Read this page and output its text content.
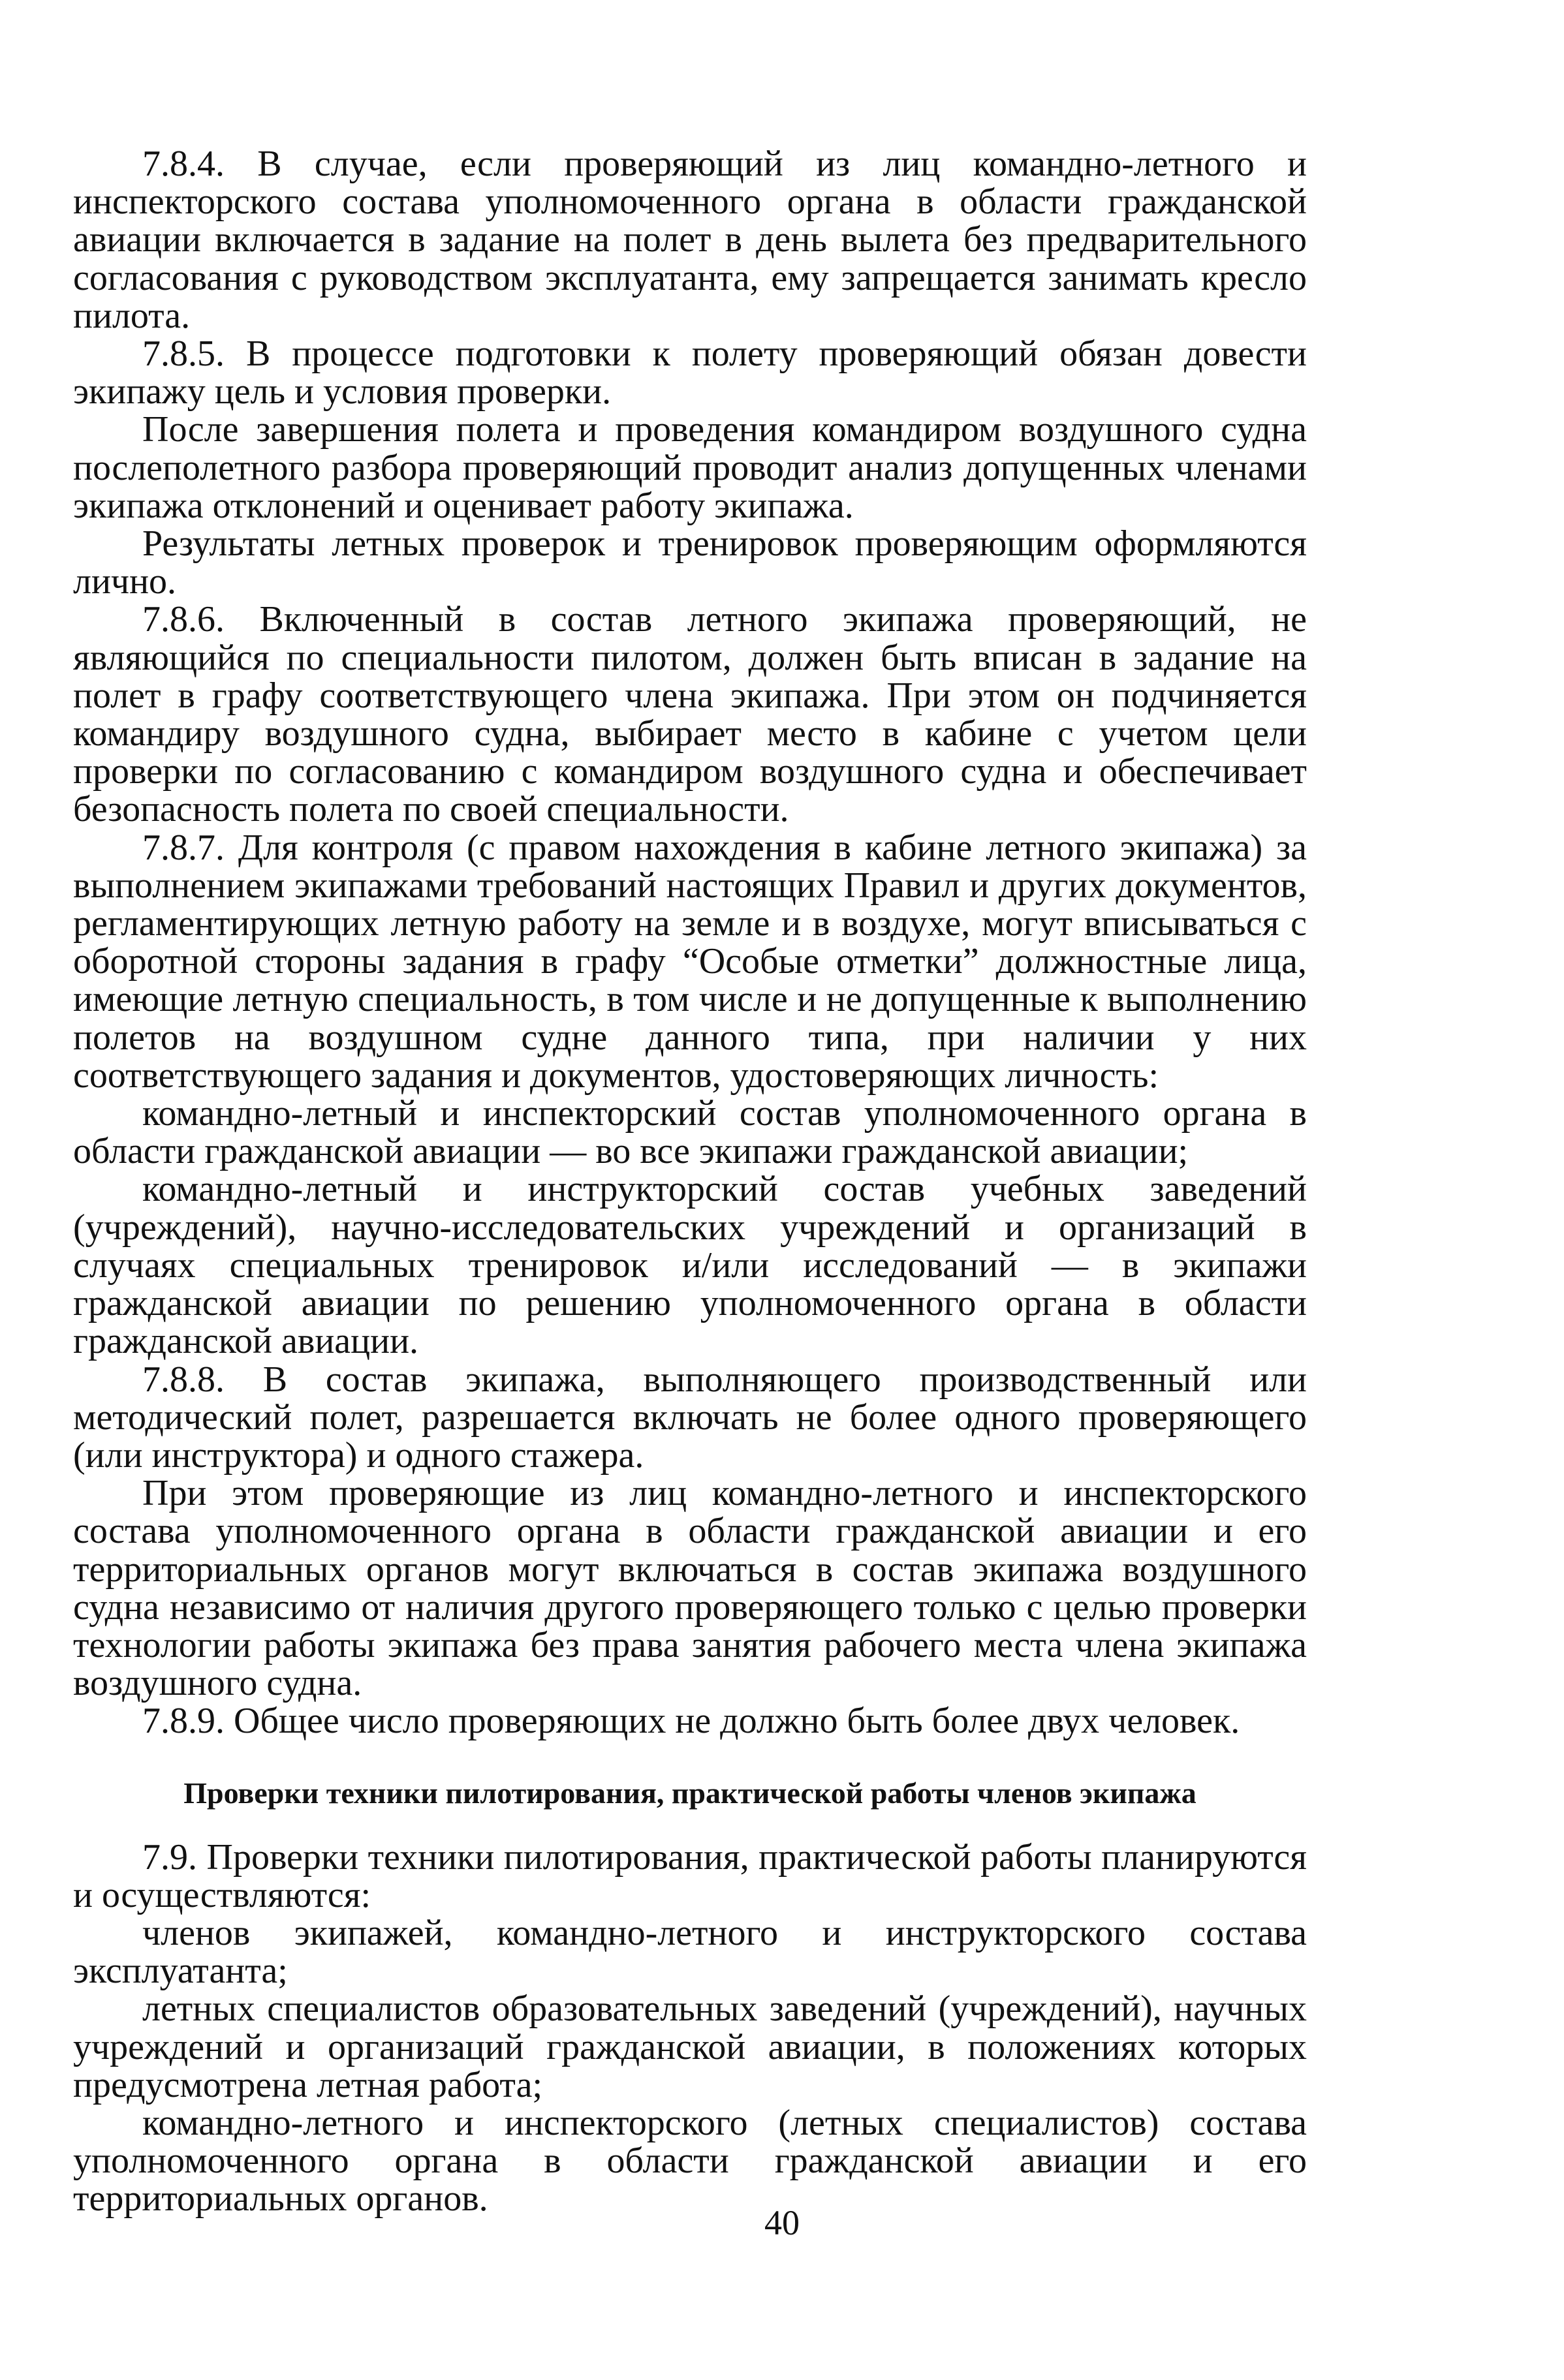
7.8.4. В случае, если проверяющий из лиц командно-летного и инспекторского состава уполномоченного органа в области гражданской авиации включается в задание на полет в день вылета без предварительного согласования с руководством эксплуатанта, ему запрещается занимать кресло пилота.

7.8.5. В процессе подготовки к полету проверяющий обязан довести экипажу цель и условия проверки.

После завершения полета и проведения командиром воздушного судна послеполетного разбора проверяющий проводит анализ допущенных членами экипажа отклонений и оценивает работу экипажа.

Результаты летных проверок и тренировок проверяющим оформляются лично.

7.8.6. Включенный в состав летного экипажа проверяющий, не являющийся по специальности пилотом, должен быть вписан в задание на полет в графу соответствующего члена экипажа. При этом он подчиняется командиру воздушного судна, выбирает место в кабине с учетом цели проверки по согласованию с командиром воздушного судна и обеспечивает безопасность полета по своей специальности.

7.8.7. Для контроля (с правом нахождения в кабине летного экипажа) за выполнением экипажами требований настоящих Правил и других документов, регламентирующих летную работу на земле и в воздухе, могут вписываться с оборотной стороны задания в графу “Особые отметки” должностные лица, имеющие летную специальность, в том числе и не допущенные к выполнению полетов на воздушном судне данного типа, при наличии у них соответствующего задания и документов, удостоверяющих личность:

командно-летный и инспекторский состав уполномоченного органа в области гражданской авиации — во все экипажи гражданской авиации;

командно-летный и инструкторский состав учебных заведений (учреждений), научно-исследовательских учреждений и организаций в случаях специальных тренировок и/или исследований — в экипажи гражданской авиации по решению уполномоченного органа в области гражданской авиации.

7.8.8. В состав экипажа, выполняющего производственный или методический полет, разрешается включать не более одного проверяющего (или инструктора) и одного стажера.

При этом проверяющие из лиц командно-летного и инспекторского состава уполномоченного органа в области гражданской авиации и его территориальных органов могут включаться в состав экипажа воздушного судна независимо от наличия другого проверяющего только с целью проверки технологии работы экипажа без права занятия рабочего места члена экипажа воздушного судна.

7.8.9. Общее число проверяющих не должно быть более двух человек.

Проверки техники пилотирования, практической работы членов экипажа

7.9. Проверки техники пилотирования, практической работы планируются и осуществляются:

членов экипажей, командно-летного и инструкторского состава эксплуатанта;

летных специалистов образовательных заведений (учреждений), научных учреждений и организаций гражданской авиации, в положениях которых предусмотрена летная работа;

командно-летного и инспекторского (летных специалистов) состава уполномоченного органа в области гражданской авиации и его территориальных органов.

40
